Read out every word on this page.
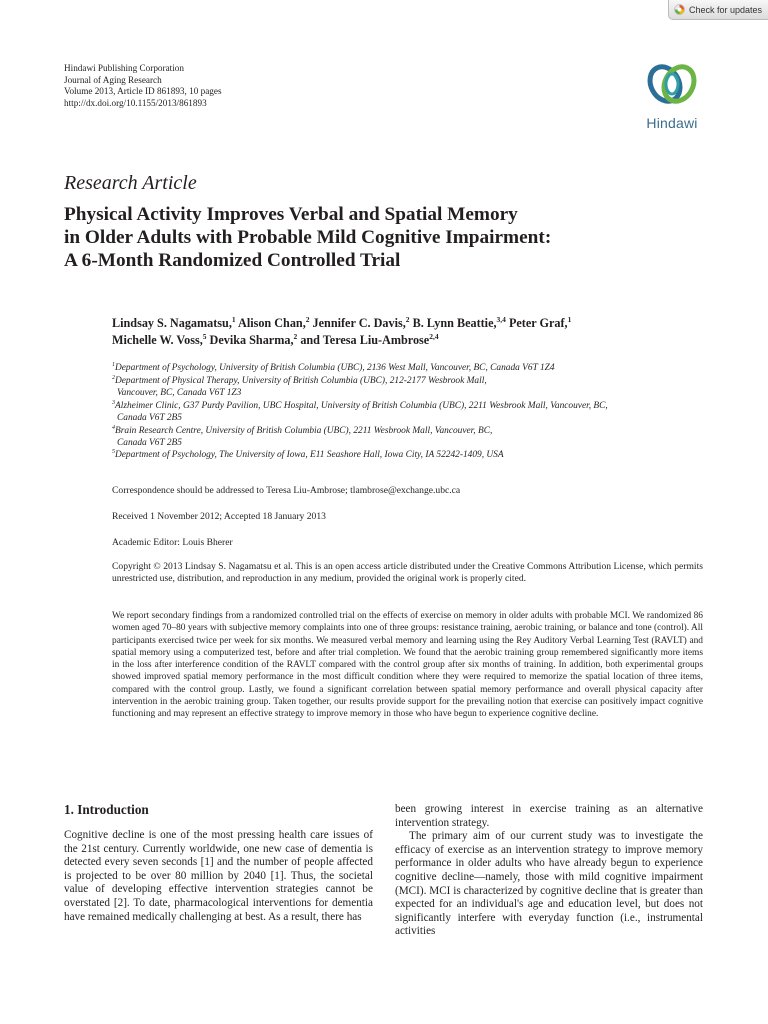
Check for updates
Hindawi Publishing Corporation
Journal of Aging Research
Volume 2013, Article ID 861893, 10 pages
http://dx.doi.org/10.1155/2013/861893
Hindawi
Research Article
Physical Activity Improves Verbal and Spatial Memory
in Older Adults with Probable Mild Cognitive Impairment:
A 6-Month Randomized Controlled Trial
Lindsay S. Nagamatsu,$^1$ Alison Chan,$^2$ Jennifer C. Davis,$^2$ B. Lynn Beattie,$^{3,4}$ Peter Graf,$^1$
Michelle W. Voss,$^5$ Devika Sharma,$^2$ and Teresa Liu-Ambrose$^{2,4}$

$^1$Department of Psychology, University of British Columbia (UBC), 2136 West Mall, Vancouver, BC, Canada V6T 1Z4

$^2$Department of Physical Therapy, University of British Columbia (UBC), 212-2177 Wesbrook Mall,
Vancouver, BC, Canada V6T 1Z3

$^3$Alzheimer Clinic, G37 Purdy Pavilion, UBC Hospital, University of British Columbia (UBC), 2211 Wesbrook Mall, Vancouver, BC,
Canada V6T 2B5

$^4$Brain Research Centre, University of British Columbia (UBC), 2211 Wesbrook Mall, Vancouver, BC,
Canada V6T 2B5

$^5$Department of Psychology, The University of Iowa, E11 Seashore Hall, Iowa City, IA 52242-1409, USA

Correspondence should be addressed to Teresa Liu-Ambrose; tlambrose@exchange.ubc.ca

Received 1 November 2012; Accepted 18 January 2013

Academic Editor: Louis Bherer

Copyright © 2013 Lindsay S. Nagamatsu et al. This is an open access article distributed under the Creative Commons Attribution License, which permits unrestricted use, distribution, and reproduction in any medium, provided the original work is properly cited.

We report secondary findings from a randomized controlled trial on the effects of exercise on memory in older adults with probable MCI. We randomized 86 women aged 70–80 years with subjective memory complaints into one of three groups: resistance training, aerobic training, or balance and tone (control). All participants exercised twice per week for six months. We measured verbal memory and learning using the Rey Auditory Verbal Learning Test (RAVLT) and spatial memory using a computerized test, before and after trial completion. We found that the aerobic training group remembered significantly more items in the loss after interference condition of the RAVLT compared with the control group after six months of training. In addition, both experimental groups showed improved spatial memory performance in the most difficult condition where they were required to memorize the spatial location of three items, compared with the control group. Lastly, we found a significant correlation between spatial memory performance and overall physical capacity after intervention in the aerobic training group. Taken together, our results provide support for the prevailing notion that exercise can positively impact cognitive functioning and may represent an effective strategy to improve memory in those who have begun to experience cognitive decline.
1. Introduction

Cognitive decline is one of the most pressing health care issues of the 21st century. Currently worldwide, one new case of dementia is detected every seven seconds [1] and the number of people affected is projected to be over 80 million by 2040 [1]. Thus, the societal value of developing effective intervention strategies cannot be overstated [2]. To date, pharmacological interventions for dementia have remained medically challenging at best. As a result, there has

been growing interest in exercise training as an alternative intervention strategy.

The primary aim of our current study was to investigate the efficacy of exercise as an intervention strategy to improve memory performance in older adults who have already begun to experience cognitive decline—namely, those with mild cognitive impairment (MCI). MCI is characterized by cognitive decline that is greater than expected for an individual's age and education level, but does not significantly interfere with everyday function (i.e., instrumental activities
